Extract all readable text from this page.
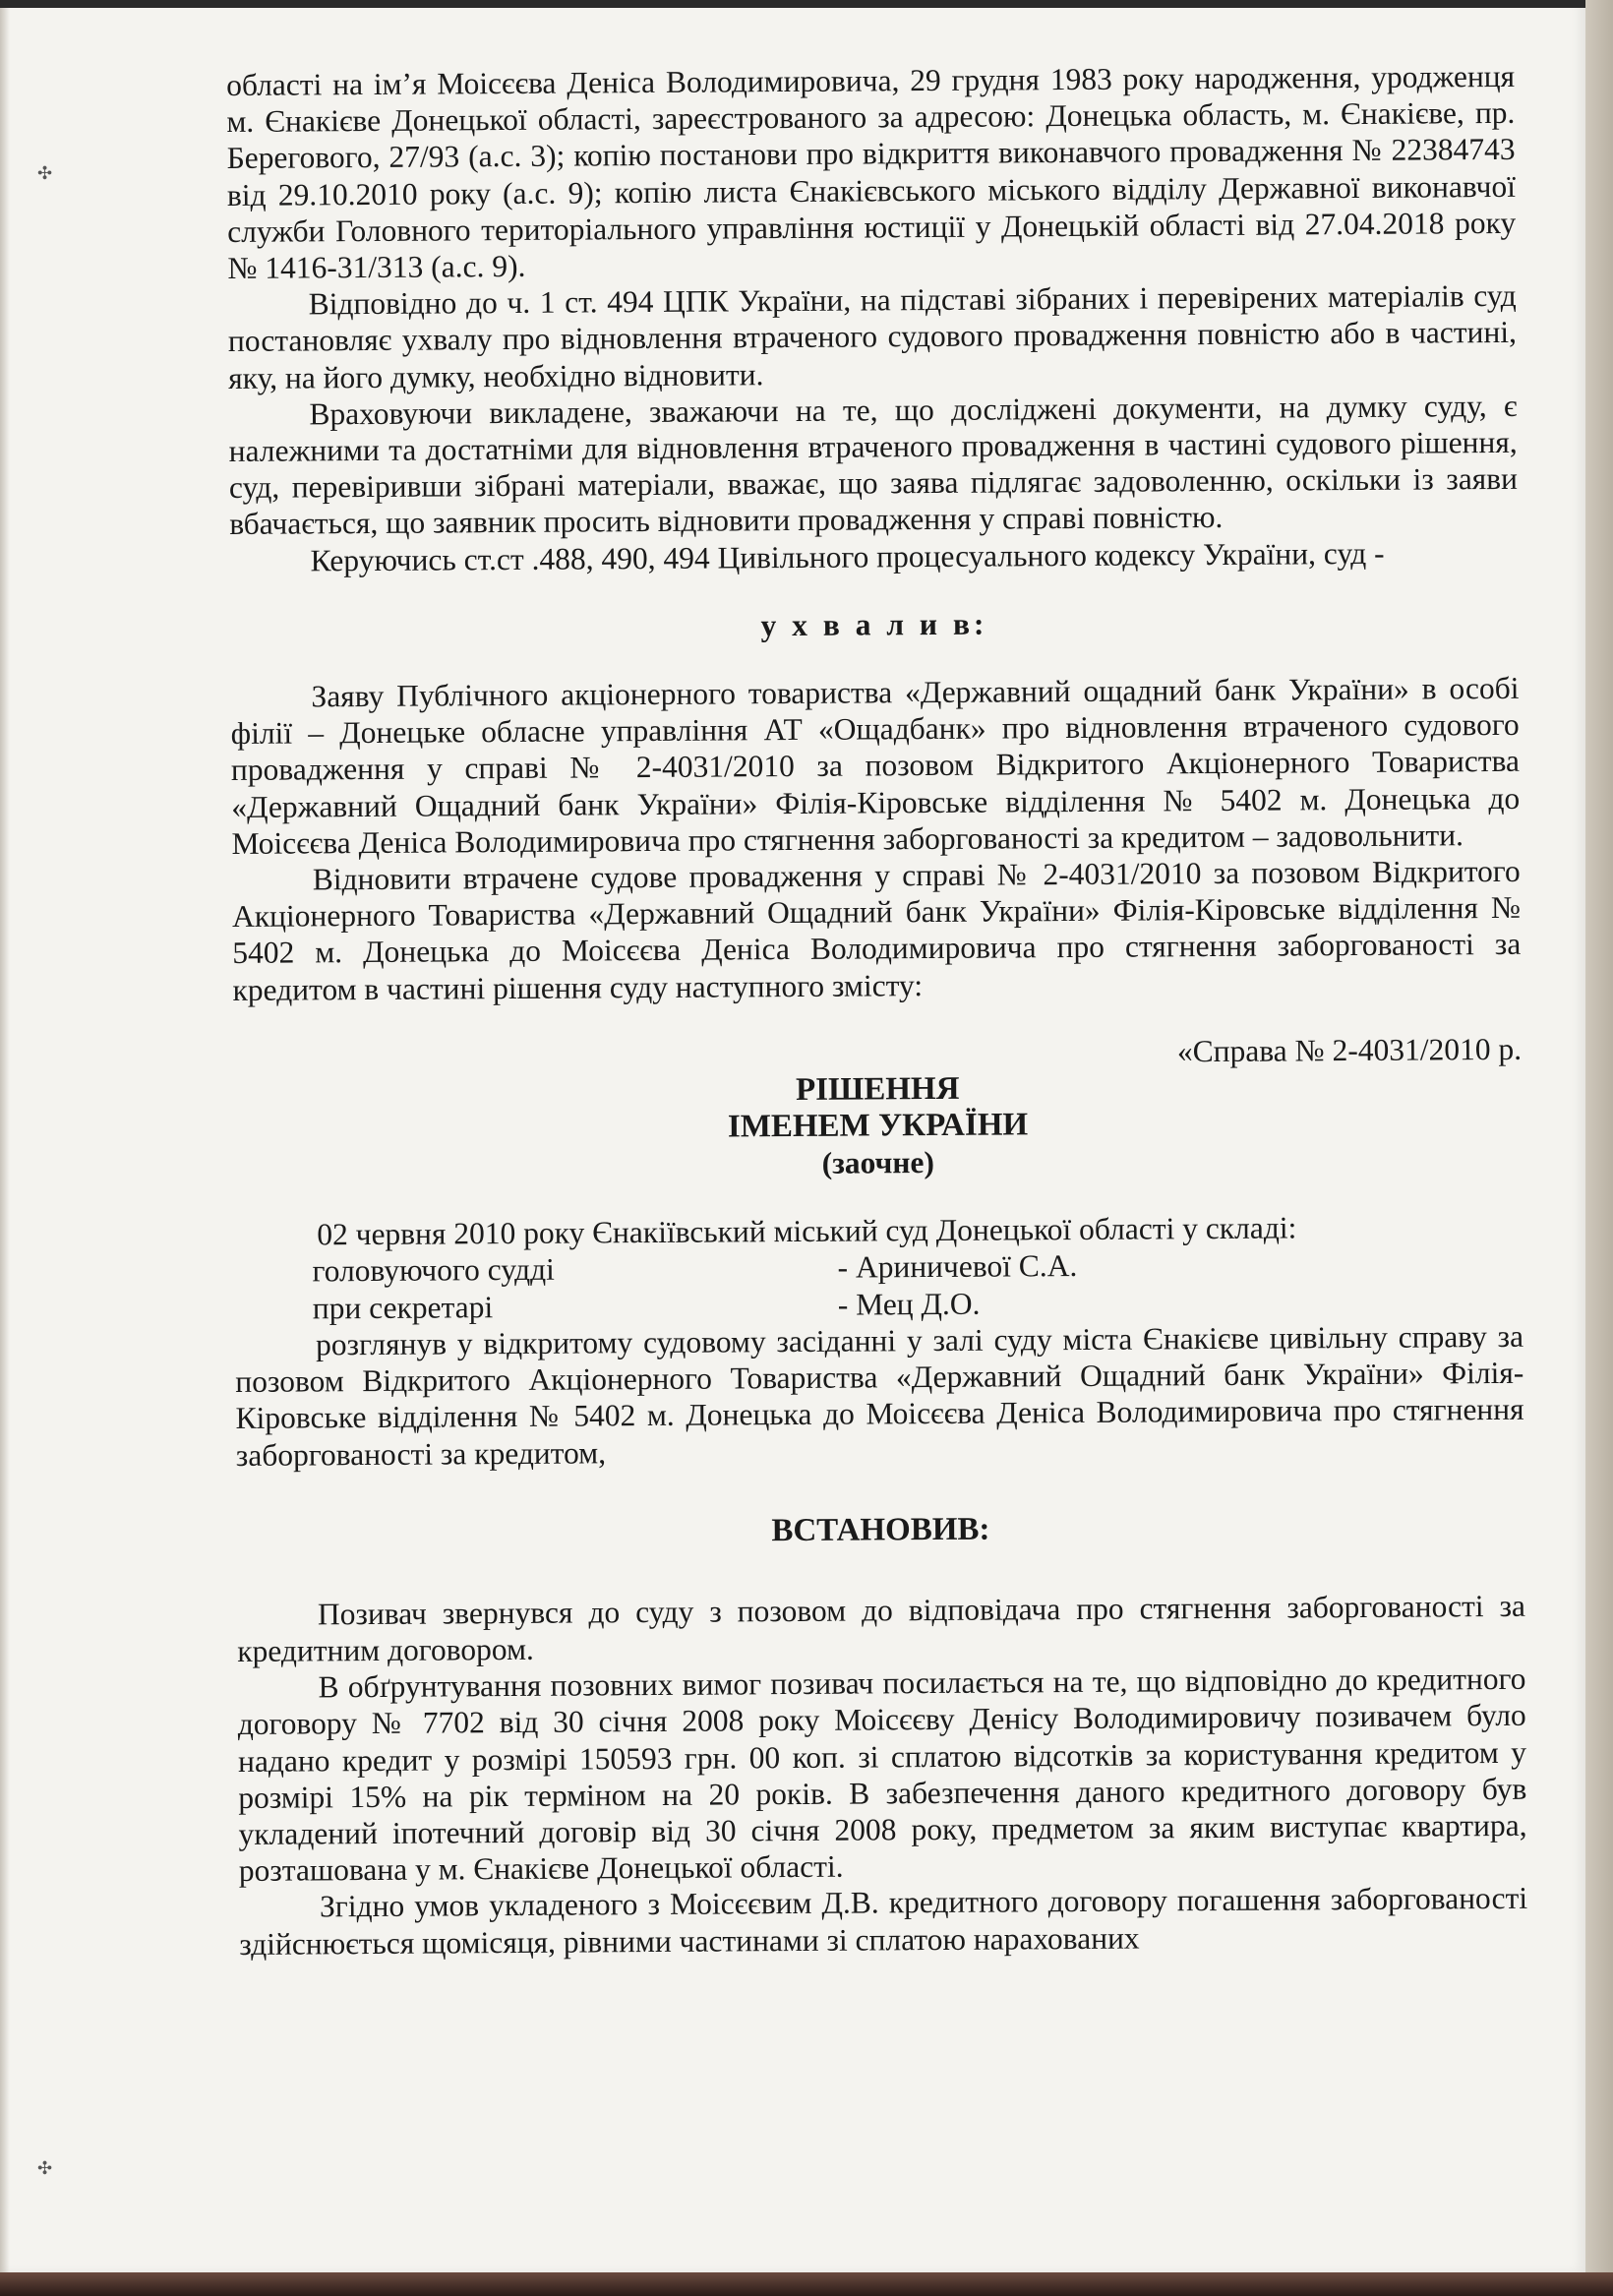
✣
✣

області на ім’я Моісєєва Деніса Володимировича, 29 грудня 1983 року народження, уродженця м. Єнакієве Донецької області, зареєстрованого за адресою: Донецька область, м. Єнакієве, пр. Берегового, 27/93 (а.с. 3); копію постанови про відкриття виконавчого провадження № 22384743 від 29.10.2010 року (а.с. 9); копію листа Єнакієвського міського відділу Державної виконавчої служби Головного територіального управління юстиції у Донецькій області від 27.04.2018 року № 1416-31/313 (а.с. 9).

Відповідно до ч. 1 ст. 494 ЦПК України, на підставі зібраних і перевірених матеріалів суд постановляє ухвалу про відновлення втраченого судового провадження повністю або в частині, яку, на його думку, необхідно відновити.

Враховуючи викладене, зважаючи на те, що досліджені документи, на думку суду, є належними та достатніми для відновлення втраченого провадження в частині судового рішення, суд, перевіривши зібрані матеріали, вважає, що заява підлягає задоволенню, оскільки із заяви вбачається, що заявник просить відновити провадження у справі повністю.

Керуючись ст.ст .488, 490, 494 Цивільного процесуального кодексу України, суд -

у х в а л и в:

Заяву Публічного акціонерного товариства «Державний ощадний банк України» в особі філії – Донецьке обласне управління АТ «Ощадбанк» про відновлення втраченого судового провадження у справі № 2-4031/2010 за позовом Відкритого Акціонерного Товариства «Державний Ощадний банк України» Філія-Кіровське відділення № 5402 м. Донецька до Моісєєва Деніса Володимировича про стягнення заборгованості за кредитом – задовольнити.

Відновити втрачене судове провадження у справі № 2-4031/2010 за позовом Відкритого Акціонерного Товариства «Державний Ощадний банк України» Філія-Кіровське відділення № 5402 м. Донецька до Моісєєва Деніса Володимировича про стягнення заборгованості за кредитом в частині рішення суду наступного змісту:

«Справа № 2-4031/2010 р.

РІШЕННЯ

ІМЕНЕМ УКРАЇНИ

(заочне)

02 червня 2010 року Єнакіївський міський суд Донецької області у складі:

головуючого судді	- Ариничевої С.А.
при секретарі	- Мец Д.О.

розглянув у відкритому судовому засіданні у залі суду міста Єнакієве цивільну справу за позовом Відкритого Акціонерного Товариства «Державний Ощадний банк України» Філія-Кіровське відділення № 5402 м. Донецька до Моісєєва Деніса Володимировича про стягнення заборгованості за кредитом,

ВСТАНОВИВ:

Позивач звернувся до суду з позовом до відповідача про стягнення заборгованості за кредитним договором.

В обґрунтування позовних вимог позивач посилається на те, що відповідно до кредитного договору № 7702 від 30 січня 2008 року Моісєєву Денісу Володимировичу позивачем було надано кредит у розмірі 150593 грн. 00 коп. зі сплатою відсотків за користування кредитом у розмірі 15% на рік терміном на 20 років. В забезпечення даного кредитного договору був укладений іпотечний договір від 30 січня 2008 року, предметом за яким виступає квартира, розташована у м. Єнакієве Донецької області.

Згідно умов укладеного з Моісєєвим Д.В. кредитного договору погашення заборгованості здійснюється щомісяця, рівними частинами зі сплатою нарахованих
